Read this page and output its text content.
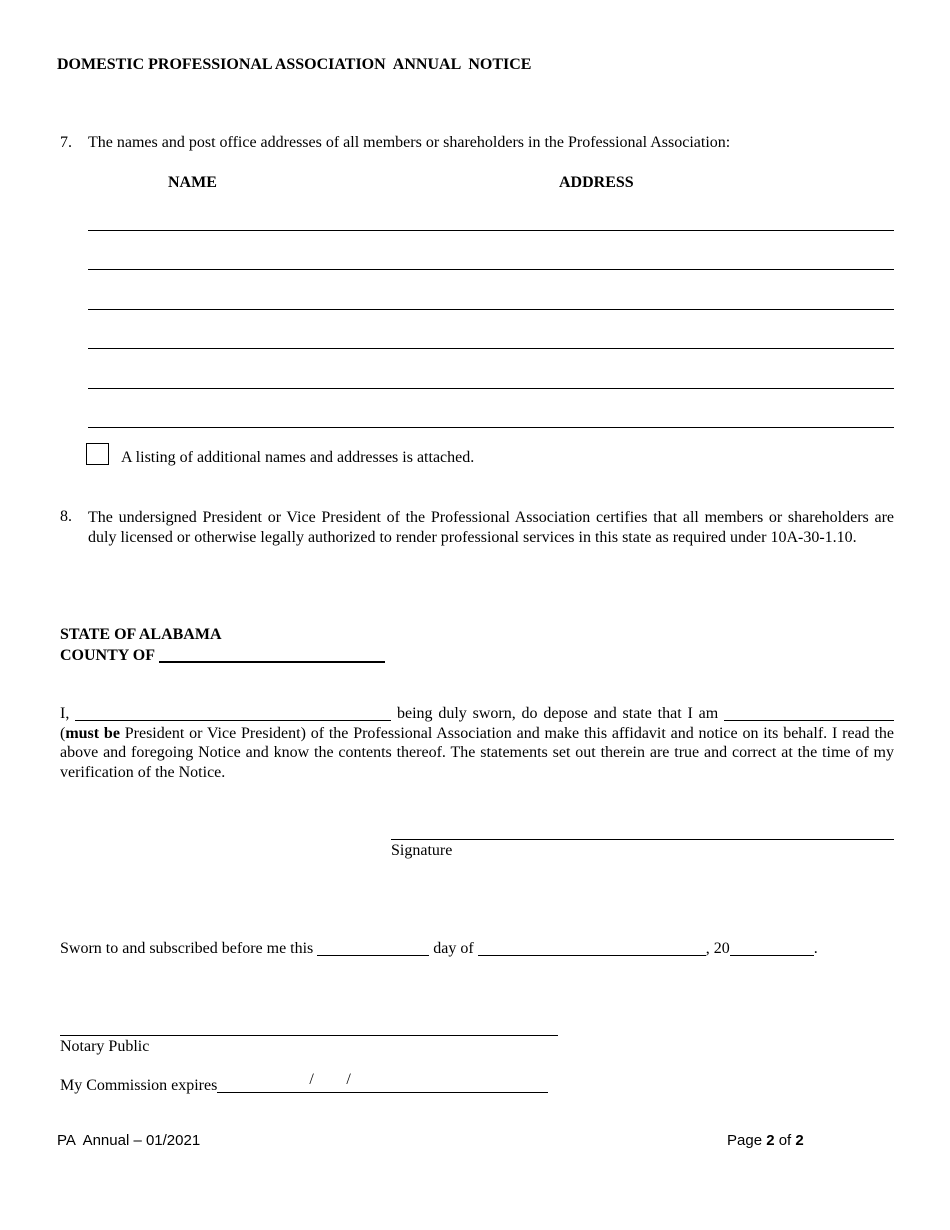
DOMESTIC PROFESSIONAL ASSOCIATION  ANNUAL  NOTICE
7. The names and post office addresses of all members or shareholders in the Professional Association:
NAME	ADDRESS
A listing of additional names and addresses is attached.
8. The undersigned President or Vice President of the Professional Association certifies that all members or shareholders are duly licensed or otherwise legally authorized to render professional services in this state as required under 10A-30-1.10.
STATE OF ALABAMA
COUNTY OF
I,	being duly sworn, do depose and state that I am (must be President or Vice President) of the Professional Association and make this affidavit and notice on its behalf. I read the above and foregoing Notice and know the contents thereof. The statements set out therein are true and correct at the time of my verification of the Notice.
Signature
Sworn to and subscribed before me this	day of	, 20	.
Notary Public
My Commission expires	/ /
PA  Annual – 01/2021	Page 2 of 2
